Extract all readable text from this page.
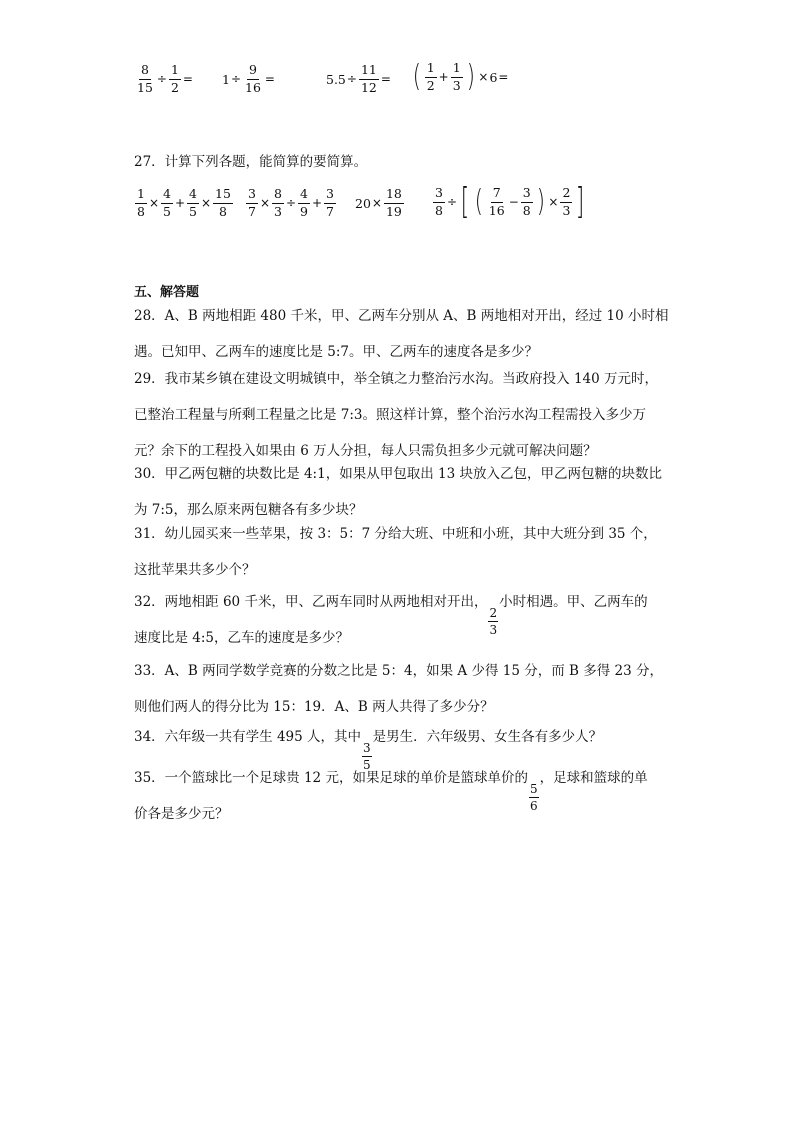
$\frac{8}{15} \div \frac{1}{2} = 1 \div \frac{9}{16}$ =	$5.5 \div \frac{11}{12}$ = ( $\frac{1}{2} + \frac{1}{3}$ ) × 6 =
27．计算下列各题，能简算的要简算。
$\frac{1}{8} \times \frac{4}{5} + \frac{4}{5} \times \frac{15}{8} \frac{3}{7} \times \frac{8}{3} \div \frac{4}{9} + \frac{3}{7} 20 \times \frac{18}{19} \frac{3}{8}$ ÷ [ ( $\frac{7}{16} - \frac{3}{8}$ ) × $\frac{2}{3}$ ]
五、解答题
28．A、B 两地相距 480 千米，甲、乙两车分别从 A、B 两地相对开出，经过 10 小时相
遇。已知甲、乙两车的速度比是 5:7。甲、乙两车的速度各是多少？
29．我市某乡镇在建设文明城镇中，举全镇之力整治污水沟。当政府投入 140 万元时，
已整治工程量与所剩工程量之比是 7:3。照这样计算，整个治污水沟工程需投入多少万
元？余下的工程投入如果由 6 万人分担，每人只需负担多少元就可解决问题？
30．甲乙两包糖的块数比是 4:1，如果从甲包取出 13 块放入乙包，甲乙两包糖的块数比
为 7:5，那么原来两包糖各有多少块？
31．幼儿园买来一些苹果，按 3：5：7 分给大班、中班和小班，其中大班分到 35 个，
这批苹果共多少个？
32．两地相距 60 千米，甲、乙两车同时从两地相对开出，
$\frac{2}{3}$
小时相遇。甲、乙两车的
速度比是 4:5，乙车的速度是多少？
33．A、B 两同学数学竞赛的分数之比是 5：4，如果 A 少得 15 分，而 B 多得 23 分，
则他们两人的得分比为 15：19．A、B 两人共得了多少分？
34．六年级一共有学生 495 人，其中
$\frac{3}{5}$
是男生．六年级男、女生各有多少人？
35．一个篮球比一个足球贵 12 元，如果足球的单价是篮球单价的
$\frac{5}{6}$
，足球和篮球的单
价各是多少元？
